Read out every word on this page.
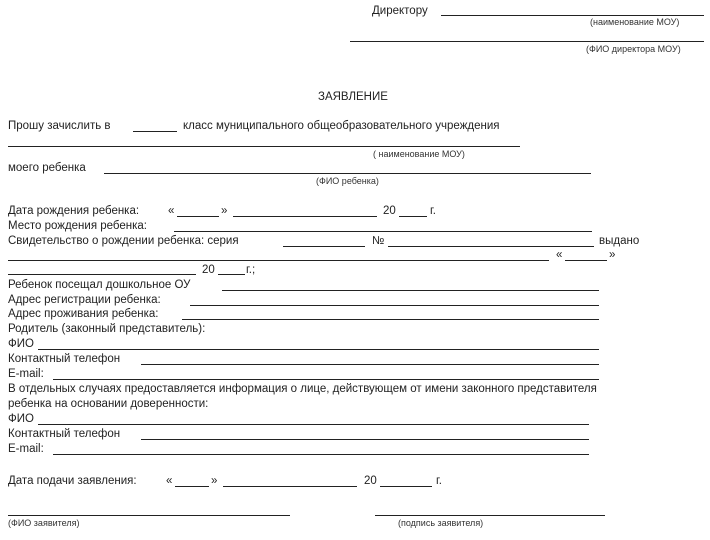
Директору
(наименование МОУ)
(ФИО директора МОУ)
ЗАЯВЛЕНИЕ
Прошу зачислить в	класс муниципального общеобразовательного учреждения
( наименование МОУ)
моего ребенка
(ФИО ребенка)
Дата рождения ребенка:	«	»	20	г.
Место рождения ребенка:
Свидетельство о рождении ребенка: серия	№	выдано
«	»
20	г.;
Ребенок посещал дошкольное ОУ
Адрес регистрации ребенка:
Адрес проживания ребенка:
Родитель (законный представитель):
ФИО
Контактный телефон
E-mail:
В отдельных случаях предоставляется информация о лице, действующем от имени законного представителя
ребенка на основании доверенности:
ФИО
Контактный телефон
E-mail:
Дата подачи заявления:	«	»	20	г.
(ФИО заявителя)	(подпись заявителя)
